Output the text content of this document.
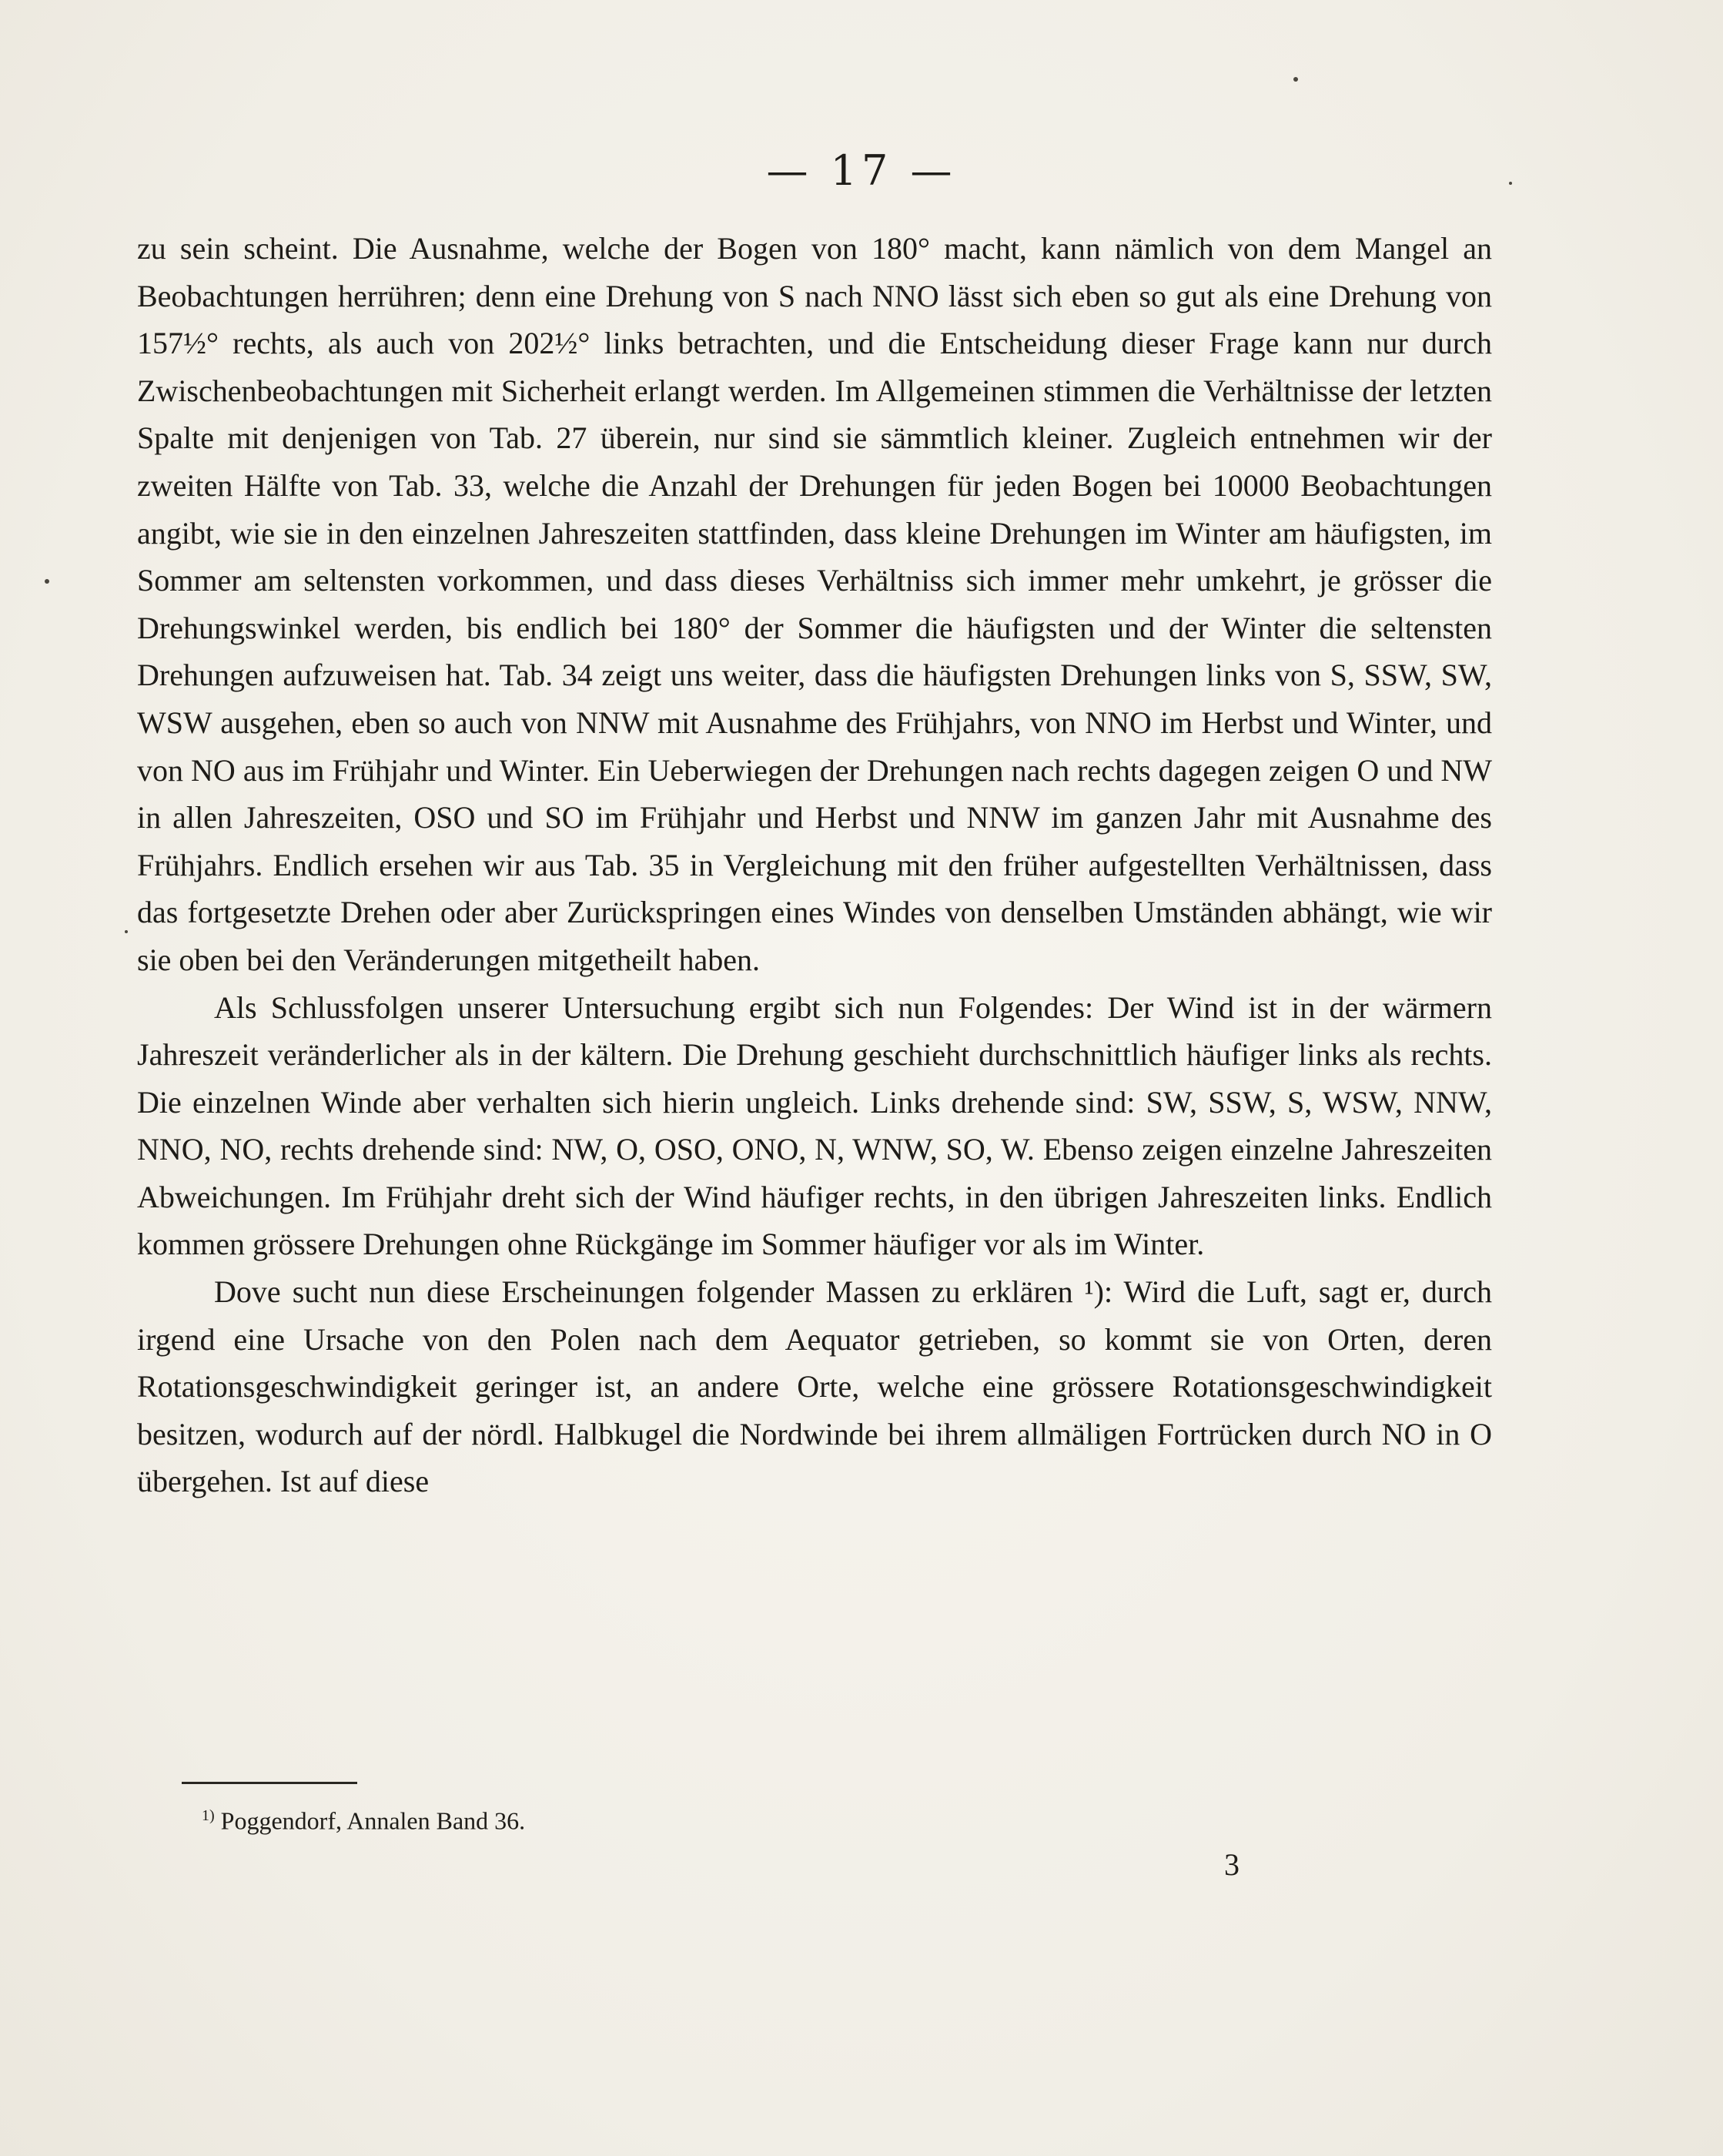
— 17 —

zu sein scheint. Die Ausnahme, welche der Bogen von 180° macht, kann nämlich von dem Mangel an Beobachtungen herrühren; denn eine Drehung von S nach NNO lässt sich eben so gut als eine Drehung von 157½° rechts, als auch von 202½° links betrachten, und die Entscheidung dieser Frage kann nur durch Zwischenbeobachtungen mit Sicherheit erlangt werden. Im Allgemeinen stimmen die Verhältnisse der letzten Spalte mit denjenigen von Tab. 27 überein, nur sind sie sämmtlich kleiner. Zugleich entnehmen wir der zweiten Hälfte von Tab. 33, welche die Anzahl der Drehungen für jeden Bogen bei 10000 Beobachtungen angibt, wie sie in den einzelnen Jahreszeiten stattfinden, dass kleine Drehungen im Winter am häufigsten, im Sommer am seltensten vorkommen, und dass dieses Verhältniss sich immer mehr umkehrt, je grösser die Drehungswinkel werden, bis endlich bei 180° der Sommer die häufigsten und der Winter die seltensten Drehungen aufzuweisen hat. Tab. 34 zeigt uns weiter, dass die häufigsten Drehungen links von S, SSW, SW, WSW ausgehen, eben so auch von NNW mit Ausnahme des Frühjahrs, von NNO im Herbst und Winter, und von NO aus im Frühjahr und Winter. Ein Ueberwiegen der Drehungen nach rechts dagegen zeigen O und NW in allen Jahreszeiten, OSO und SO im Frühjahr und Herbst und NNW im ganzen Jahr mit Ausnahme des Frühjahrs. Endlich ersehen wir aus Tab. 35 in Vergleichung mit den früher aufgestellten Verhältnissen, dass das fortgesetzte Drehen oder aber Zurückspringen eines Windes von denselben Umständen abhängt, wie wir sie oben bei den Veränderungen mitgetheilt haben.

Als Schlussfolgen unserer Untersuchung ergibt sich nun Folgendes: Der Wind ist in der wärmern Jahreszeit veränderlicher als in der kältern. Die Drehung geschieht durchschnittlich häufiger links als rechts. Die einzelnen Winde aber verhalten sich hierin ungleich. Links drehende sind: SW, SSW, S, WSW, NNW, NNO, NO, rechts drehende sind: NW, O, OSO, ONO, N, WNW, SO, W. Ebenso zeigen einzelne Jahreszeiten Abweichungen. Im Frühjahr dreht sich der Wind häufiger rechts, in den übrigen Jahreszeiten links. Endlich kommen grössere Drehungen ohne Rückgänge im Sommer häufiger vor als im Winter.

Dove sucht nun diese Erscheinungen folgender Massen zu erklären ¹): Wird die Luft, sagt er, durch irgend eine Ursache von den Polen nach dem Aequator getrieben, so kommt sie von Orten, deren Rotationsgeschwindigkeit geringer ist, an andere Orte, welche eine grössere Rotationsgeschwindigkeit besitzen, wodurch auf der nördl. Halbkugel die Nordwinde bei ihrem allmäligen Fortrücken durch NO in O übergehen. Ist auf diese

$^{1)}$ Poggendorf, Annalen Band 36.
3
